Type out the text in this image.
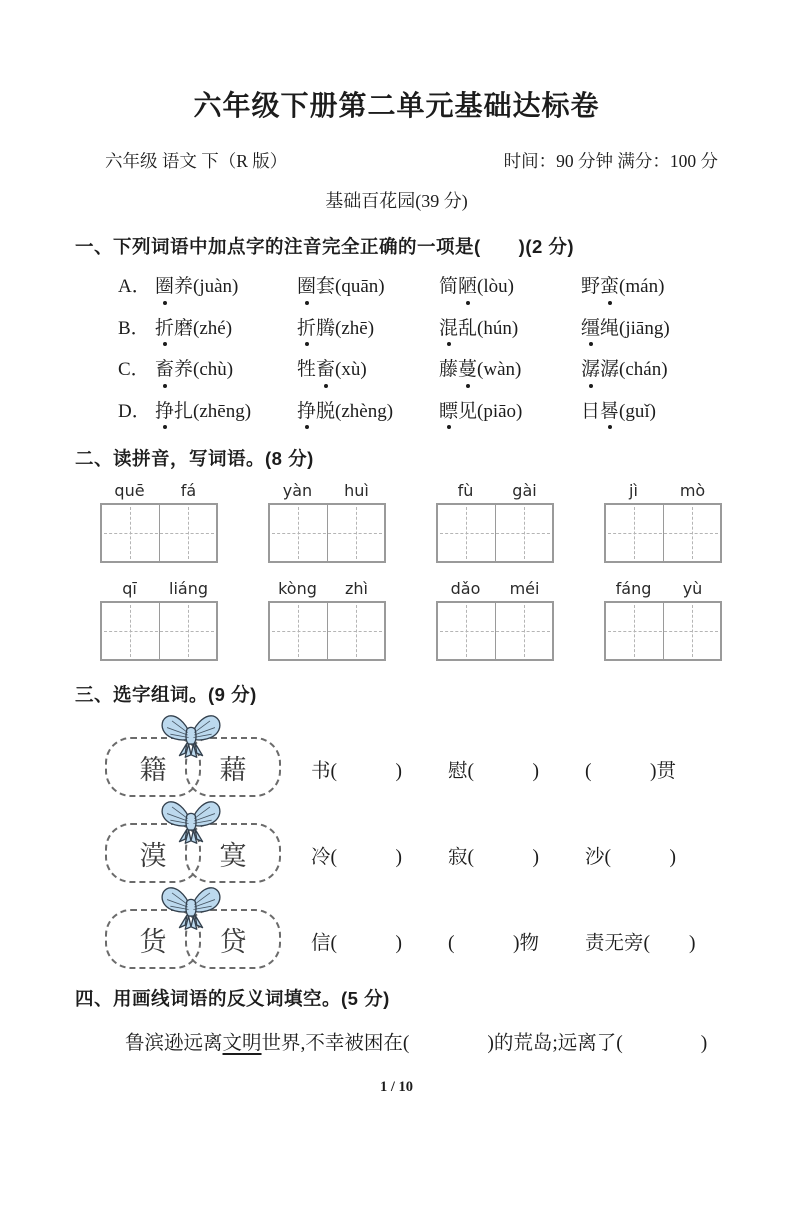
六年级下册第二单元基础达标卷
六年级 语文 下（R 版）	时间：90 分钟 满分：100 分
基础百花园(39 分)
一、下列词语中加点字的注音完全正确的一项是(　　)(2 分)
A． 圈养(juàn)	圈套(quān)	简陋(lòu)	野蛮(mán)
B． 折磨(zhé)	折腾(zhē)	混乱(hún)	缰绳(jiāng)
C． 畜养(chù)	牲畜(xù)	藤蔓(wàn)	潺潺(chán)
D． 挣扎(zhēng)	挣脱(zhèng)	瞟见(piāo)	日晷(guǐ)
二、读拼音，写词语。(8 分)
quē	fá	yàn	huì	fù	gài	jì	mò
qī	liáng	kòng	zhì	dǎo	méi	fáng	yù
三、选字组词。(9 分)
籍	藉	书(　　　) 慰(　　　) (　　　)贯
漠	寞	冷(　　　) 寂(　　　) 沙(　　　)
货	贷	信(　　　) (　　　)物 责无旁(　　)
四、用画线词语的反义词填空。(5 分)
鲁滨逊远离文明世界,不幸被困在(　　　　)的荒岛;远离了(　　　　)
1 / 10
